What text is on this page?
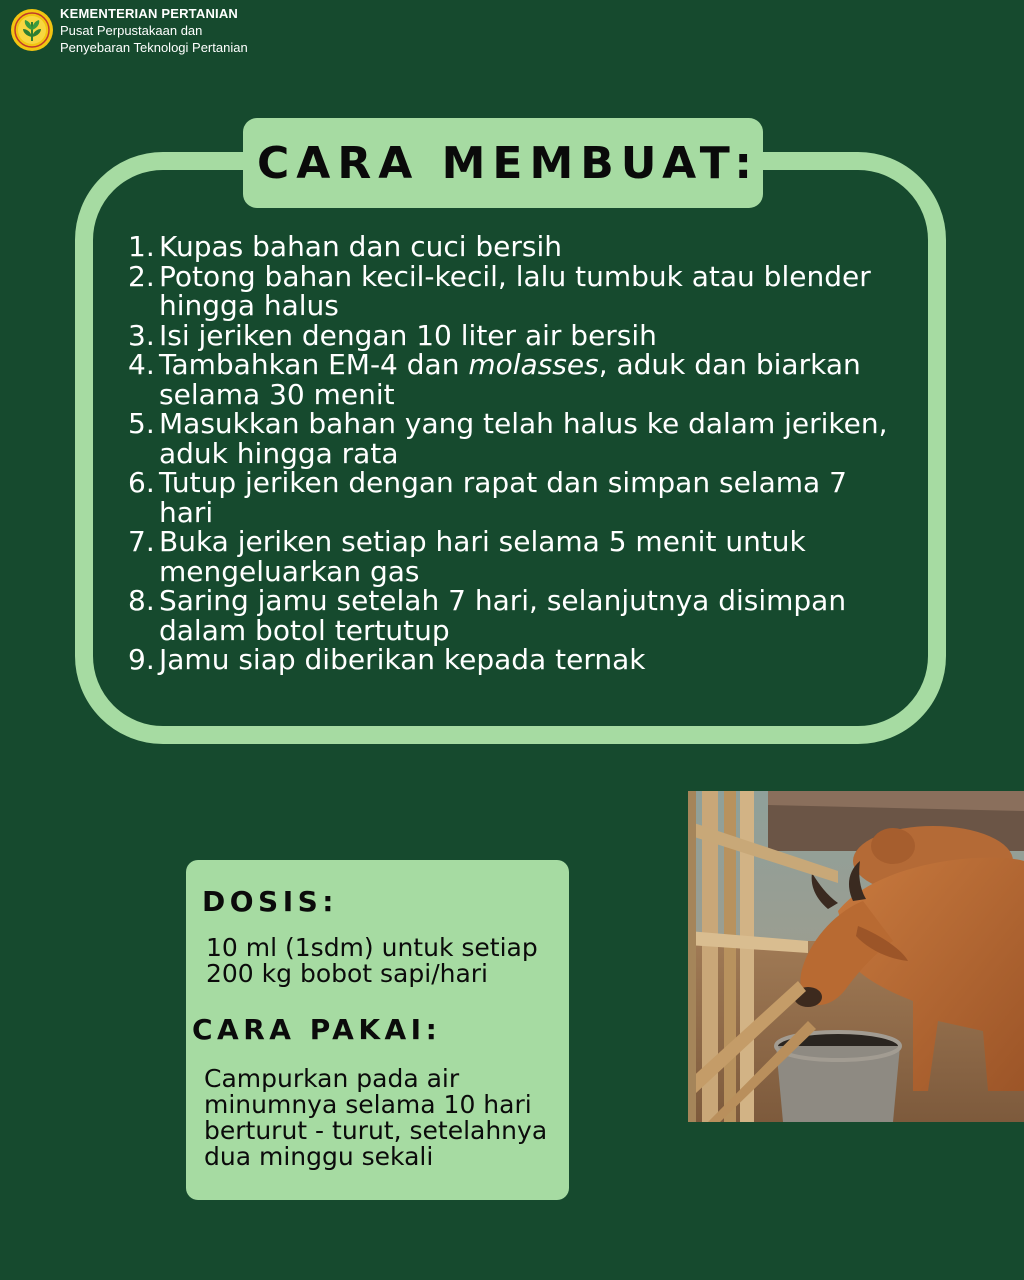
KEMENTERIAN PERTANIAN
Pusat Perpustakaan dan
Penyebaran Teknologi Pertanian
CARA MEMBUAT:
1. Kupas bahan dan cuci bersih
2. Potong bahan kecil-kecil, lalu tumbuk atau blender hingga halus
3. Isi jeriken dengan 10 liter air bersih
4. Tambahkan EM-4 dan molasses, aduk dan biarkan selama 30 menit
5. Masukkan bahan yang telah halus ke dalam jeriken, aduk hingga rata
6. Tutup jeriken dengan rapat dan simpan selama 7 hari
7. Buka jeriken setiap hari selama 5 menit untuk mengeluarkan gas
8. Saring jamu setelah 7 hari, selanjutnya disimpan dalam botol tertutup
9. Jamu siap diberikan kepada ternak
DOSIS:
10 ml (1sdm) untuk setiap
200 kg bobot sapi/hari
CARA PAKAI:
Campurkan pada air
minumnya selama 10 hari
berturut - turut, setelahnya
dua minggu sekali
